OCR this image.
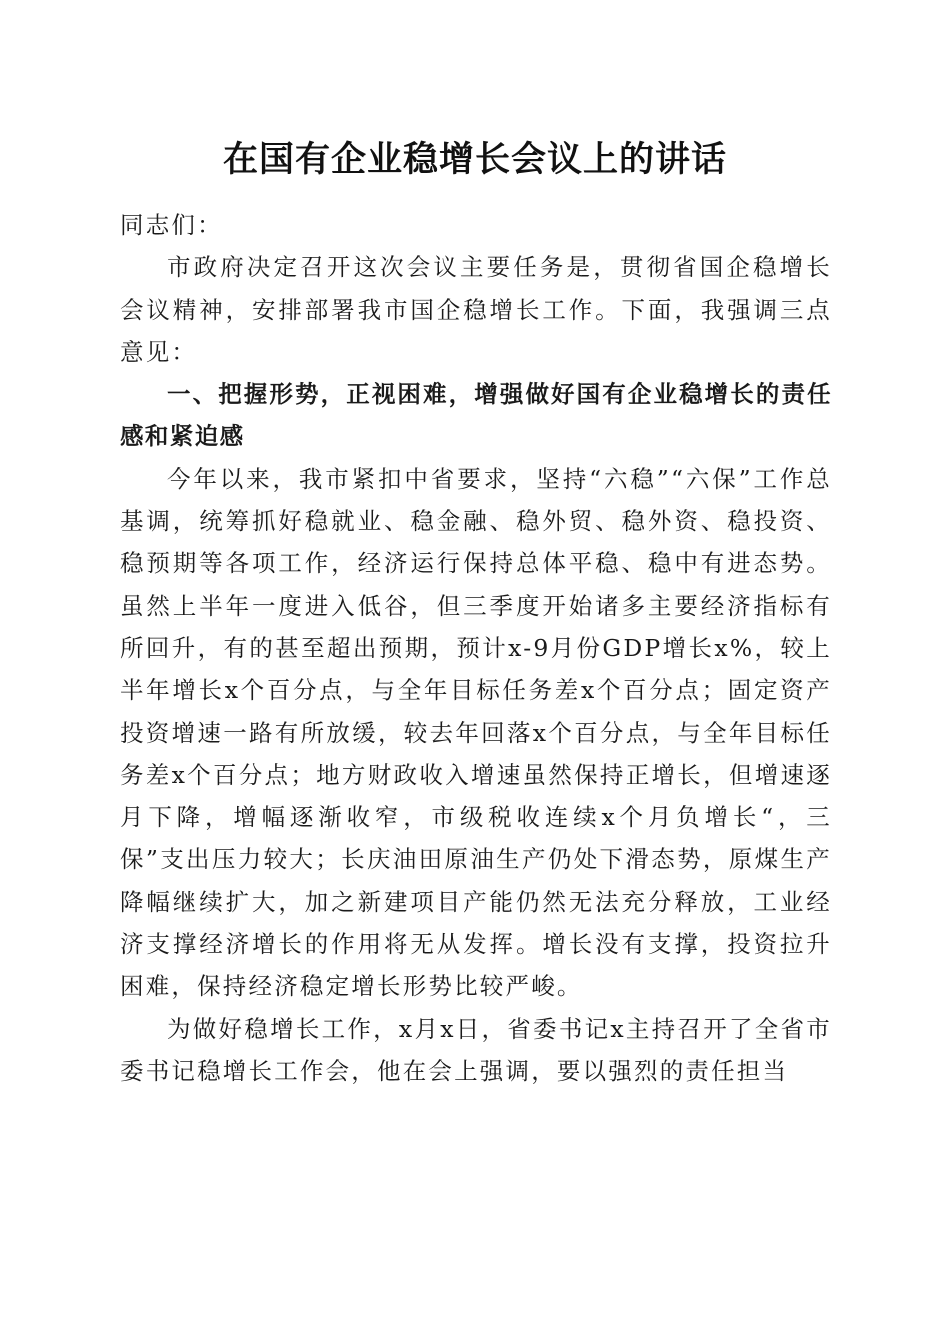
在国有企业稳增长会议上的讲话

同志们：

市政府决定召开这次会议主要任务是，贯彻省国企稳增长会议精神，安排部署我市国企稳增长工作。下面，我强调三点意见：

一、把握形势，正视困难，增强做好国有企业稳增长的责任感和紧迫感

今年以来，我市紧扣中省要求，坚持“六稳”“六保”工作总基调，统筹抓好稳就业、稳金融、稳外贸、稳外资、稳投资、稳预期等各项工作，经济运行保持总体平稳、稳中有进态势。虽然上半年一度进入低谷，但三季度开始诸多主要经济指标有所回升，有的甚至超出预期，预计x-9月份GDP增长x%，较上半年增长x个百分点，与全年目标任务差x个百分点；固定资产投资增速一路有所放缓，较去年回落x个百分点，与全年目标任务差x个百分点；地方财政收入增速虽然保持正增长，但增速逐月下降，增幅逐渐收窄，市级税收连续x个月负增长“，三保”支出压力较大；长庆油田原油生产仍处下滑态势，原煤生产降幅继续扩大，加之新建项目产能仍然无法充分释放，工业经济支撑经济增长的作用将无从发挥。增长没有支撑，投资拉升困难，保持经济稳定增长形势比较严峻。

为做好稳增长工作，x月x日，省委书记x主持召开了全省市委书记稳增长工作会，他在会上强调，要以强烈的责任担当
